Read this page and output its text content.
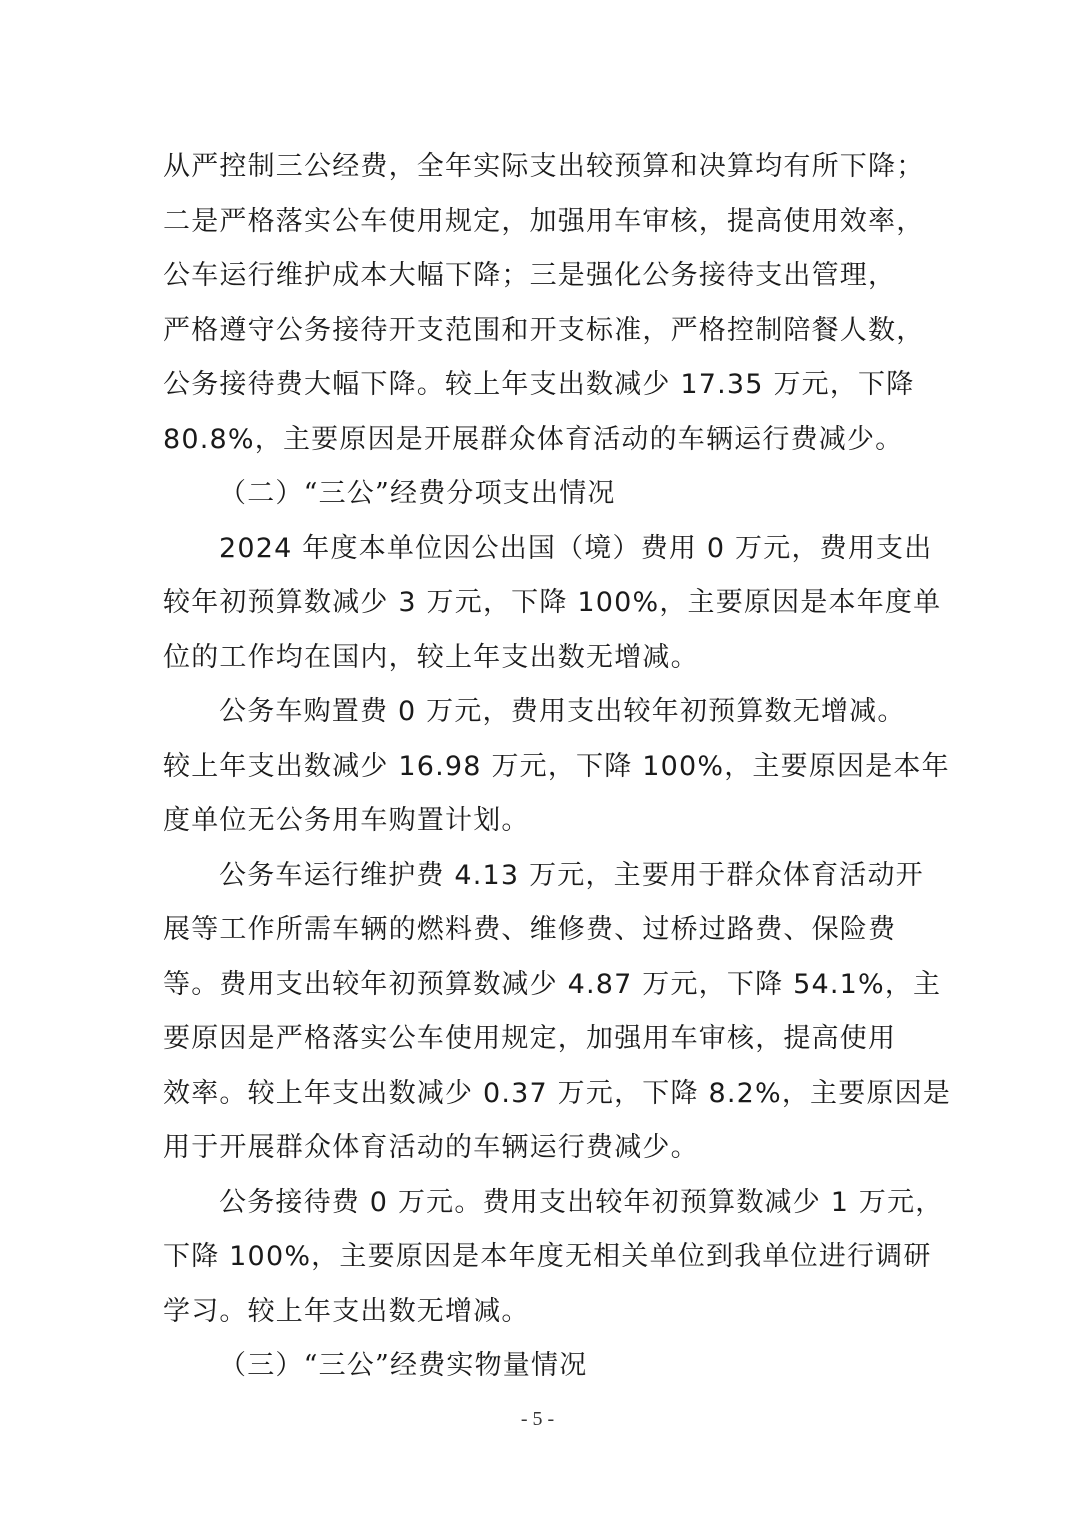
从严控制三公经费，全年实际支出较预算和决算均有所下降；
二是严格落实公车使用规定，加强用车审核，提高使用效率，
公车运行维护成本大幅下降；三是强化公务接待支出管理，
严格遵守公务接待开支范围和开支标准，严格控制陪餐人数，
公务接待费大幅下降。较上年支出数减少 17.35 万元，下降
80.8%，主要原因是开展群众体育活动的车辆运行费减少。
（二）“三公”经费分项支出情况
2024 年度本单位因公出国（境）费用 0 万元，费用支出
较年初预算数减少 3 万元，下降 100%，主要原因是本年度单
位的工作均在国内，较上年支出数无增减。
公务车购置费 0 万元，费用支出较年初预算数无增减。
较上年支出数减少 16.98 万元，下降 100%，主要原因是本年
度单位无公务用车购置计划。
公务车运行维护费 4.13 万元，主要用于群众体育活动开
展等工作所需车辆的燃料费、维修费、过桥过路费、保险费
等。费用支出较年初预算数减少 4.87 万元，下降 54.1%，主
要原因是严格落实公车使用规定，加强用车审核，提高使用
效率。较上年支出数减少 0.37 万元，下降 8.2%，主要原因是
用于开展群众体育活动的车辆运行费减少。
公务接待费 0 万元。费用支出较年初预算数减少 1 万元，
下降 100%，主要原因是本年度无相关单位到我单位进行调研
学习。较上年支出数无增减。
（三）“三公”经费实物量情况
- 5 -
